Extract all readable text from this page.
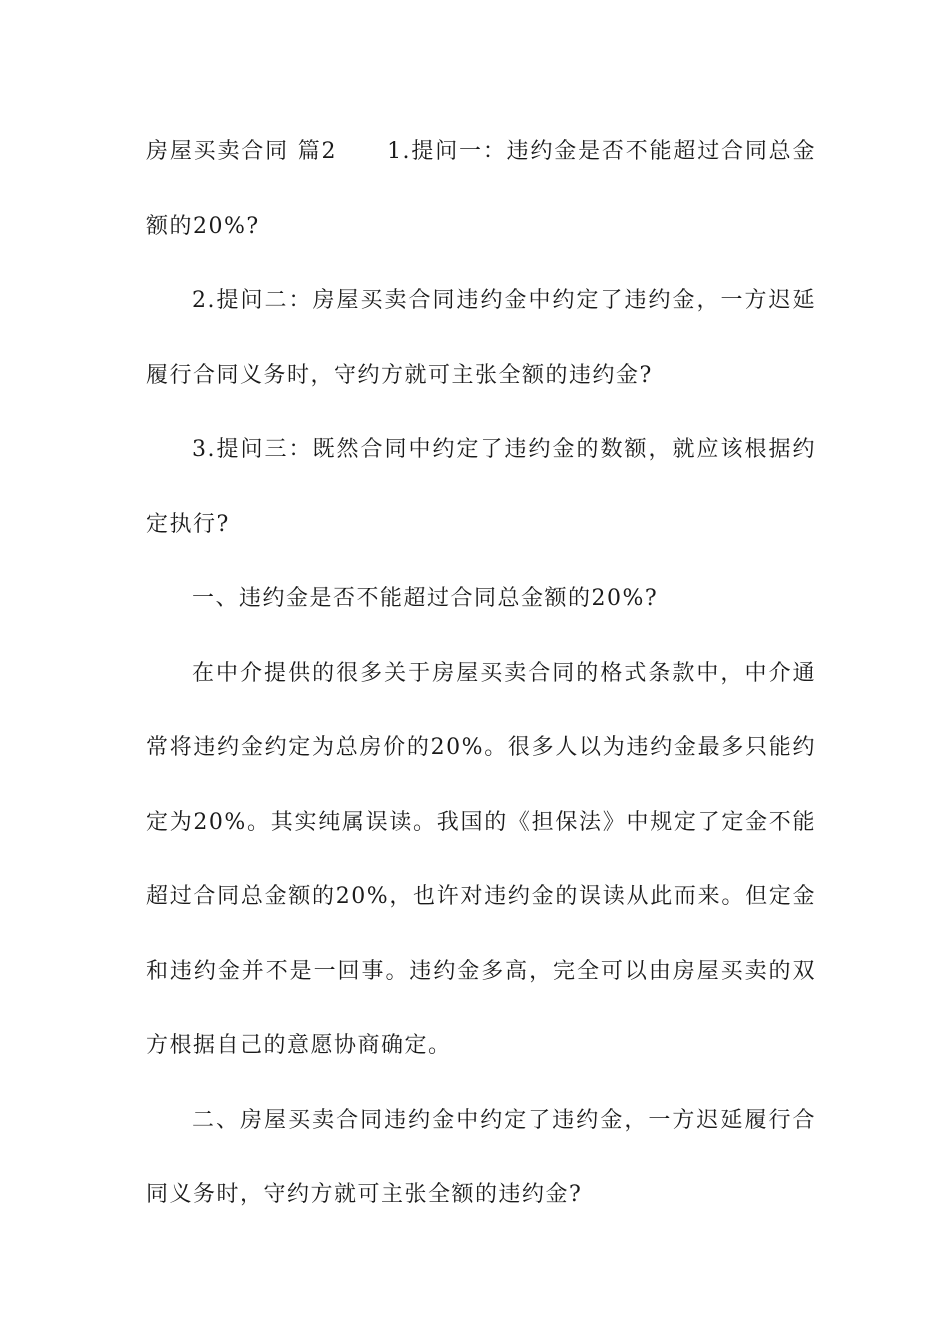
房屋买卖合同 篇2 1.提问一：违约金是否不能超过合同总金额的20%?

2.提问二：房屋买卖合同违约金中约定了违约金，一方迟延履行合同义务时，守约方就可主张全额的违约金?

3.提问三：既然合同中约定了违约金的数额，就应该根据约定执行?

一、违约金是否不能超过合同总金额的20%?

在中介提供的很多关于房屋买卖合同的格式条款中，中介通常将违约金约定为总房价的20%。很多人以为违约金最多只能约定为20%。其实纯属误读。我国的《担保法》中规定了定金不能超过合同总金额的20%，也许对违约金的误读从此而来。但定金和违约金并不是一回事。违约金多高，完全可以由房屋买卖的双方根据自己的意愿协商确定。

二、房屋买卖合同违约金中约定了违约金，一方迟延履行合同义务时，守约方就可主张全额的违约金?
